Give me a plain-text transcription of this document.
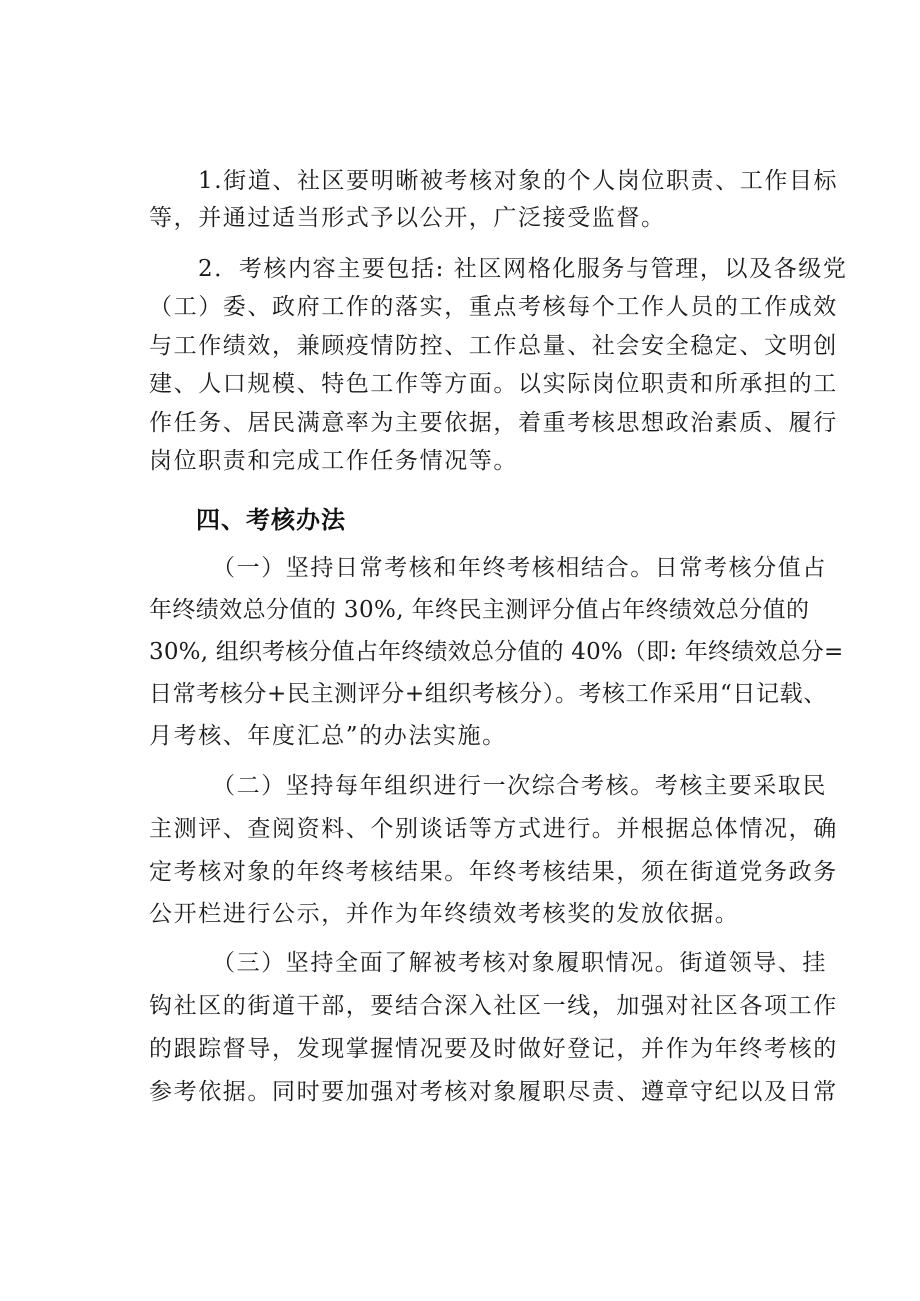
1.街道、社区要明晰被考核对象的个人岗位职责、工作目标

等，并通过适当形式予以公开，广泛接受监督。

2．考核内容主要包括: 社区网格化服务与管理，以及各级党

（工）委、政府工作的落实，重点考核每个工作人员的工作成效

与工作绩效，兼顾疫情防控、工作总量、社会安全稳定、文明创

建、人口规模、特色工作等方面。以实际岗位职责和所承担的工

作任务、居民满意率为主要依据，着重考核思想政治素质、履行

岗位职责和完成工作任务情况等。

四、考核办法

（一）坚持日常考核和年终考核相结合。日常考核分值占

年终绩效总分值的 30%, 年终民主测评分值占年终绩效总分值的

30%, 组织考核分值占年终绩效总分值的 40%（即: 年终绩效总分=

日常考核分+民主测评分+组织考核分）。考核工作采用“日记载、

月考核、年度汇总”的办法实施。

（二）坚持每年组织进行一次综合考核。考核主要采取民

主测评、查阅资料、个别谈话等方式进行。并根据总体情况，确

定考核对象的年终考核结果。年终考核结果，须在街道党务政务

公开栏进行公示，并作为年终绩效考核奖的发放依据。

（三）坚持全面了解被考核对象履职情况。街道领导、挂

钩社区的街道干部，要结合深入社区一线，加强对社区各项工作

的跟踪督导，发现掌握情况要及时做好登记，并作为年终考核的

参考依据。同时要加强对考核对象履职尽责、遵章守纪以及日常
